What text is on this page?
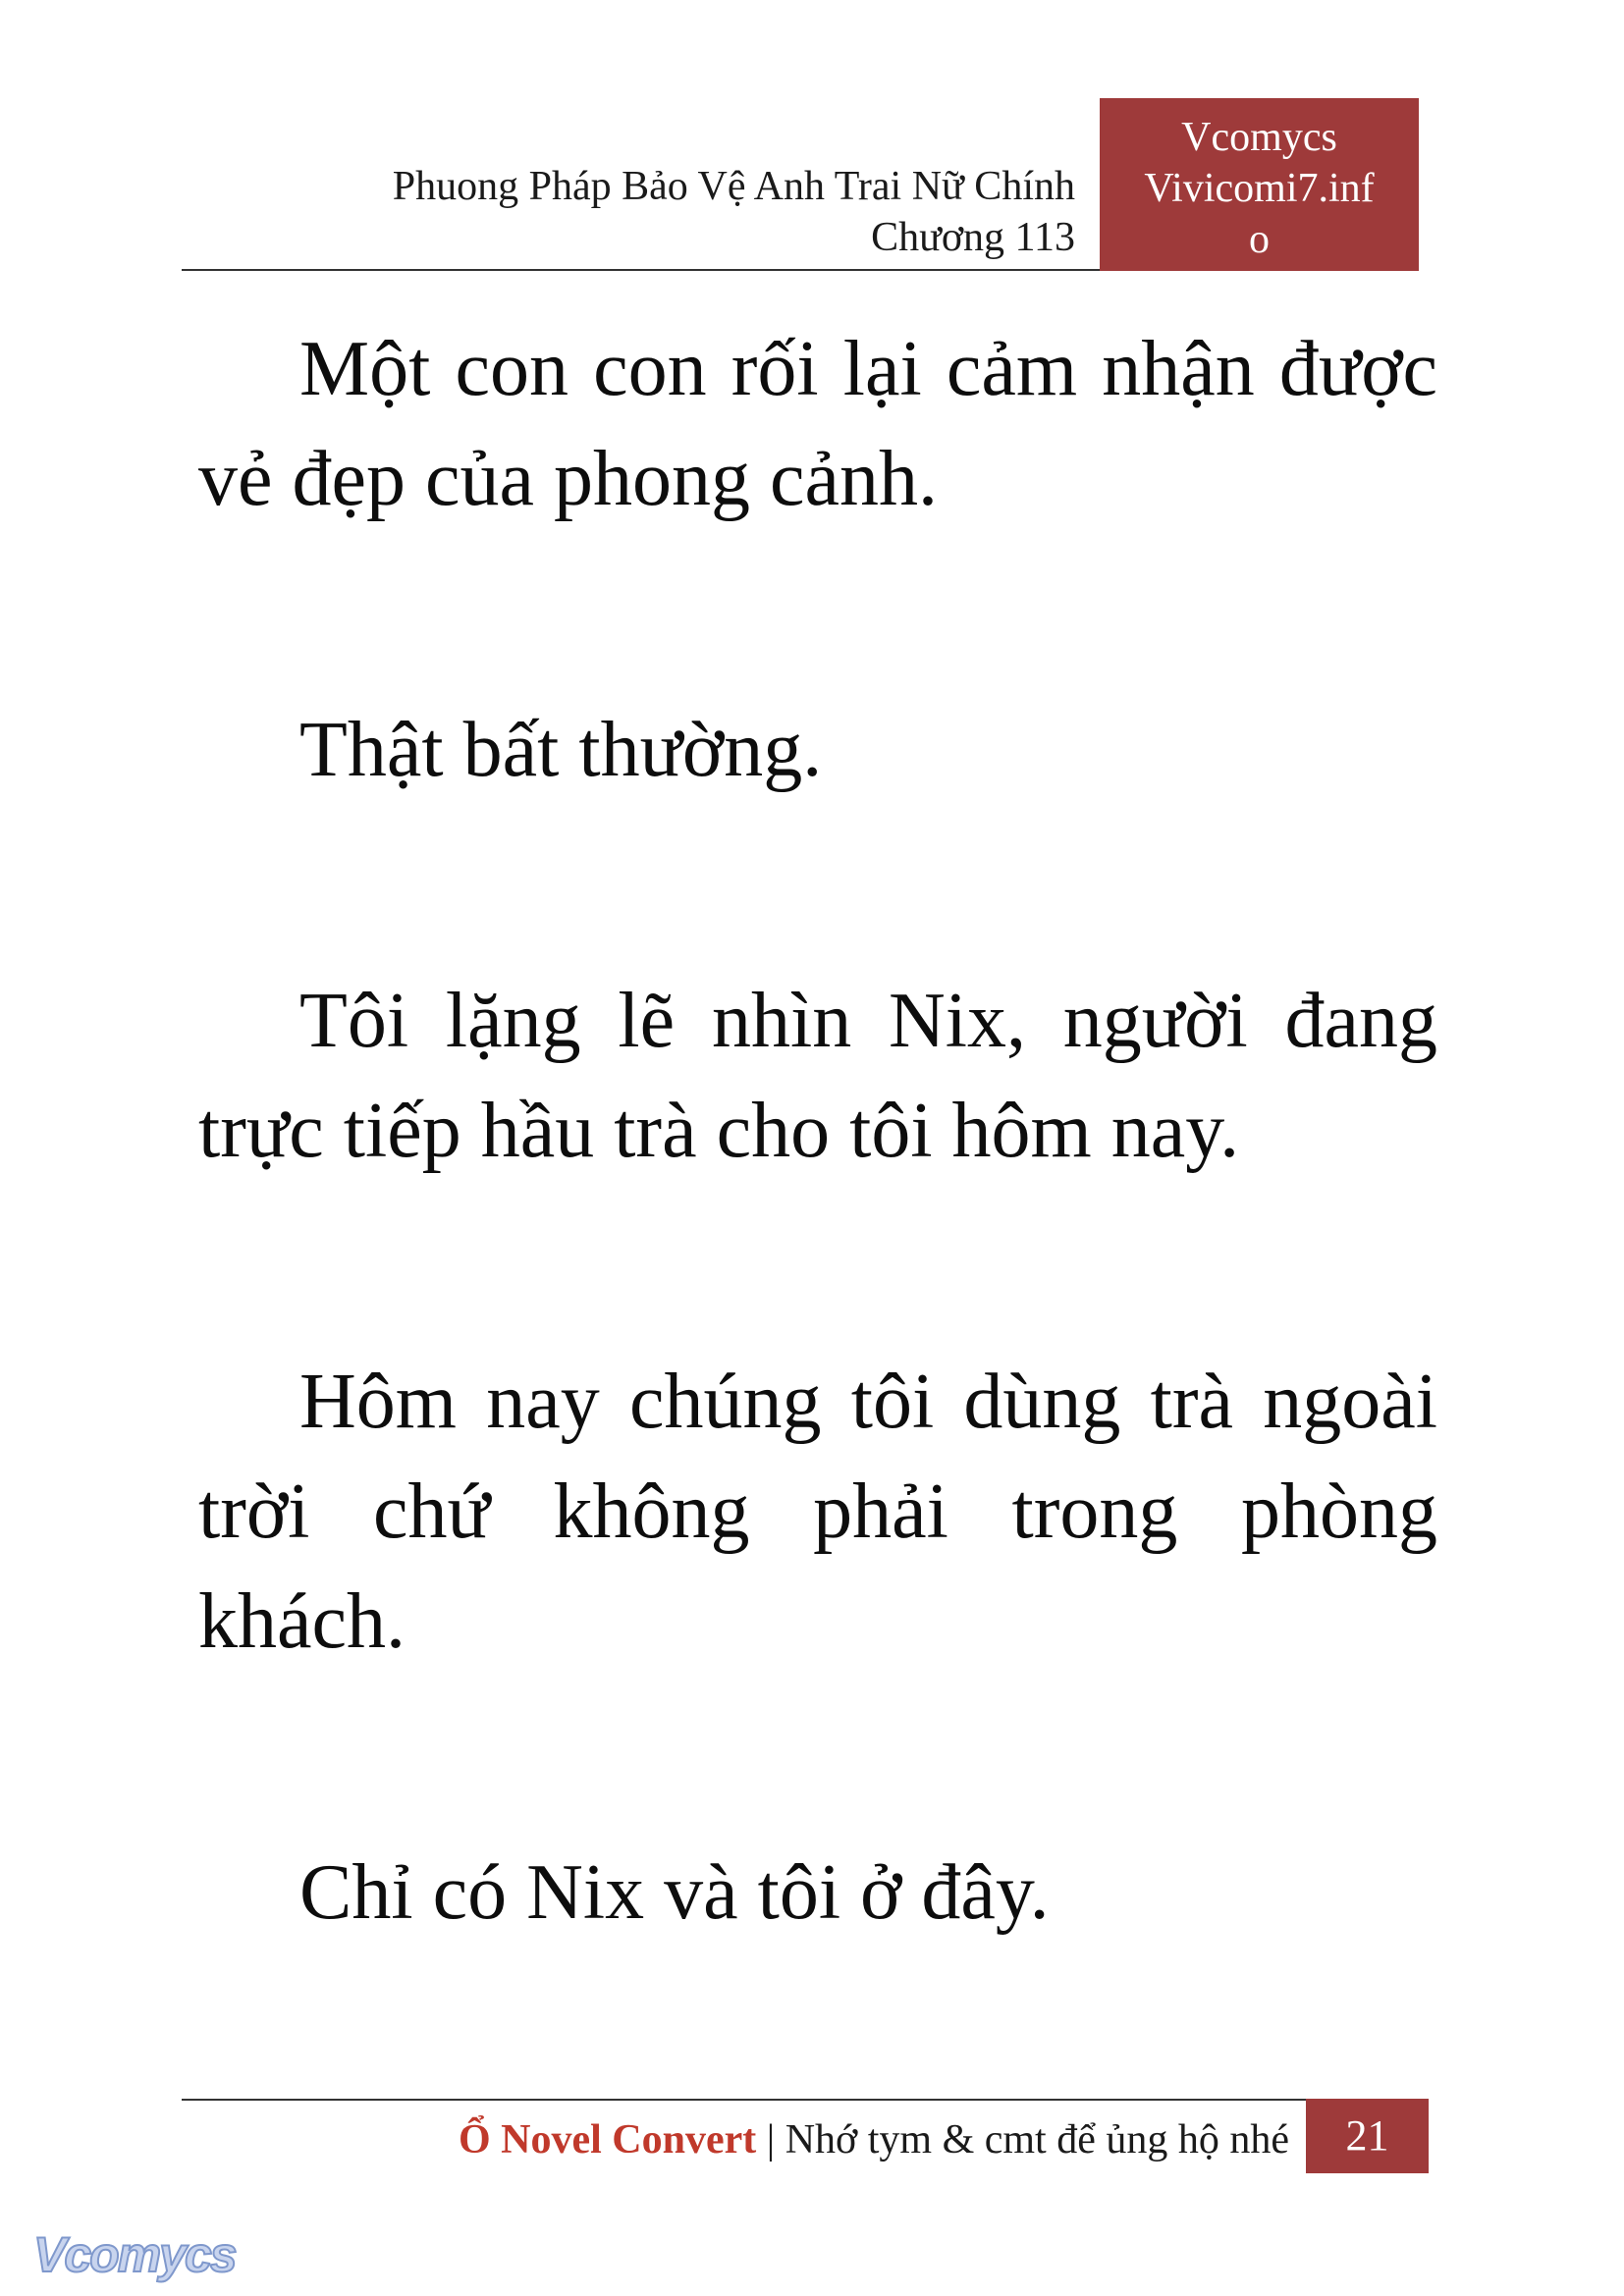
Phuong Pháp Bảo Vệ Anh Trai Nữ Chính
Chương 113
Vcomycs
Vivicomi7.inf
o

Một con con rối lại cảm nhận được vẻ đẹp của phong cảnh.

Thật bất thường.

Tôi lặng lẽ nhìn Nix, người đang trực tiếp hầu trà cho tôi hôm nay.

Hôm nay chúng tôi dùng trà ngoài trời chứ không phải trong phòng khách.

Chỉ có Nix và tôi ở đây.

Ổ Novel Convert | Nhớ tym & cmt để ủng hộ nhé	21
Vcomycs
